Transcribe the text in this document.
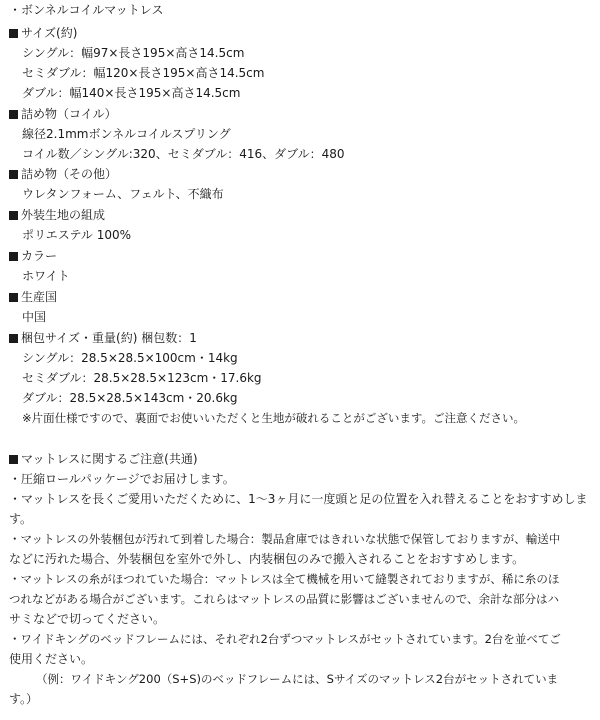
・ボンネルコイルマットレス
サイズ(約)
シングル：幅97×長さ195×高さ14.5cm
セミダブル：幅120×長さ195×高さ14.5cm
ダブル：幅140×長さ195×高さ14.5cm
詰め物（コイル）
線径2.1mmボンネルコイルスプリング
コイル数／シングル:320、セミダブル：416、ダブル：480
詰め物（その他）
ウレタンフォーム、フェルト、不織布
外装生地の組成
ポリエステル 100%
カラー
ホワイト
生産国
中国
梱包サイズ・重量(約) 梱包数：1
シングル：28.5×28.5×100cm・14kg
セミダブル：28.5×28.5×123cm・17.6kg
ダブル：28.5×28.5×143cm・20.6kg
※片面仕様ですので、裏面でお使いいただくと生地が破れることがございます。ご注意ください。
マットレスに関するご注意(共通)
・圧縮ロールパッケージでお届けします。
・マットレスを長くご愛用いただくために、1～3ヶ月に一度頭と足の位置を入れ替えることをおすすめしま
す。
・マットレスの外装梱包が汚れて到着した場合：製品倉庫ではきれいな状態で保管しておりますが、輸送中
などに汚れた場合、外装梱包を室外で外し、内装梱包のみで搬入されることをおすすめします。
・マットレスの糸がほつれていた場合：マットレスは全て機械を用いて縫製されておりますが、稀に糸のほ
つれなどがある場合がございます。これらはマットレスの品質に影響はございませんので、余計な部分はハ
サミなどで切ってください。
・ワイドキングのベッドフレームには、それぞれ2台ずつマットレスがセットされています。2台を並べてご
使用ください。
（例：ワイドキング200（S+S)のベッドフレームには、Sサイズのマットレス2台がセットされていま
す。）
